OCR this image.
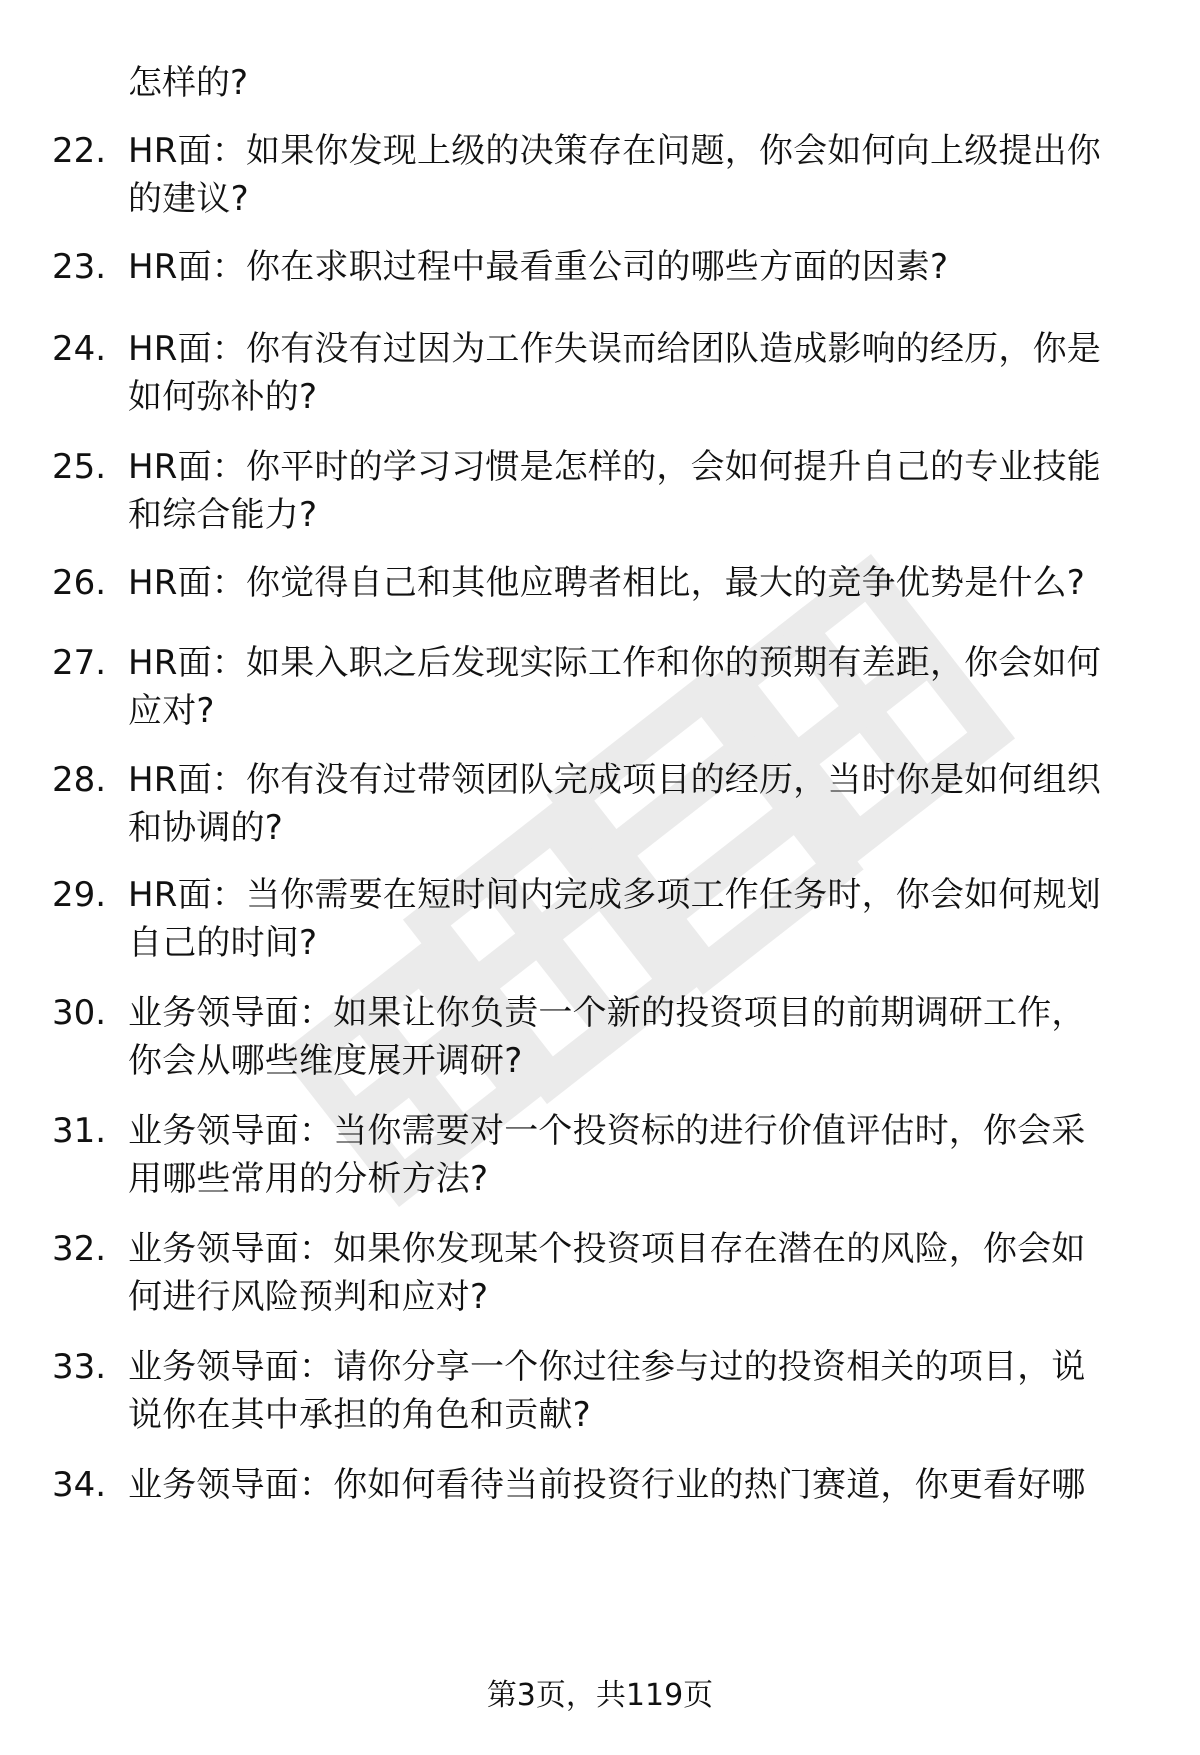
怎样的?
22. HR面：如果你发现上级的决策存在问题，你会如何向上级提出你
的建议?
23. HR面：你在求职过程中最看重公司的哪些方面的因素?
24. HR面：你有没有过因为工作失误而给团队造成影响的经历，你是
如何弥补的?
25. HR面：你平时的学习习惯是怎样的，会如何提升自己的专业技能
和综合能力?
26. HR面：你觉得自己和其他应聘者相比，最大的竞争优势是什么?
27. HR面：如果入职之后发现实际工作和你的预期有差距，你会如何
应对?
28. HR面：你有没有过带领团队完成项目的经历，当时你是如何组织
和协调的?
29. HR面：当你需要在短时间内完成多项工作任务时，你会如何规划
自己的时间?
30. 业务领导面：如果让你负责一个新的投资项目的前期调研工作，
你会从哪些维度展开调研?
31. 业务领导面：当你需要对一个投资标的进行价值评估时，你会采
用哪些常用的分析方法?
32. 业务领导面：如果你发现某个投资项目存在潜在的风险，你会如
何进行风险预判和应对?
33. 业务领导面：请你分享一个你过往参与过的投资相关的项目，说
说你在其中承担的角色和贡献?
34. 业务领导面：你如何看待当前投资行业的热门赛道，你更看好哪
第3页，共119页
